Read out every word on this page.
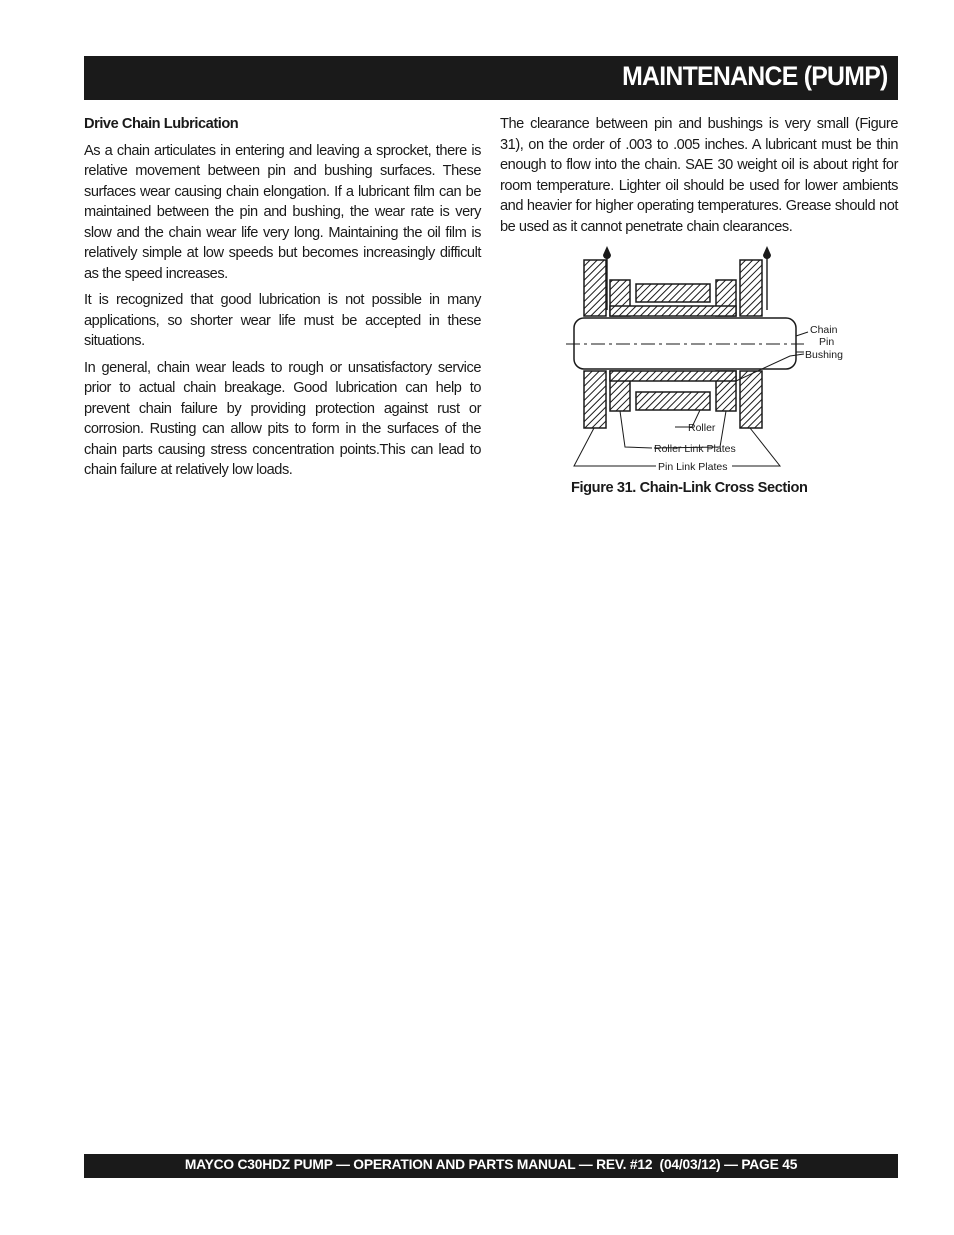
MAINTENANCE (PUMP)

Drive Chain Lubrication

As a chain articulates in entering and leaving a sprocket, there is relative movement between pin and bushing surfaces. These surfaces wear causing chain elongation. If a lubricant film can be maintained between the pin and bushing, the wear rate is very slow and the chain wear life very long. Maintaining the oil film is relatively simple at low speeds but becomes increasingly difficult as the speed increases.

It is recognized that good lubrication is not possible in many applications, so shorter wear life must be accepted in these situations.

In general, chain wear leads to rough or unsatisfactory service prior to actual chain breakage. Good lubrication can help to prevent chain failure by providing protection against rust or corrosion. Rusting can allow pits to form in the surfaces of the chain parts causing stress concentration points.This can lead to chain failure at relatively low loads.

The clearance between pin and bushings is very small (Figure 31), on the order of .003 to .005 inches. A lubricant must be thin enough to flow into the chain. SAE 30 weight oil is about right for room temperature. Lighter oil should be used for lower ambients and heavier for higher operating temperatures. Grease should not be used as it cannot penetrate chain clearances.

Chain
Pin
Bushing
Roller
Roller Link Plates
Pin Link Plates
Figure 31. Chain-Link Cross Section
MAYCO C30HDZ PUMP — OPERATION AND PARTS MANUAL — REV. #12  (04/03/12) — PAGE 45
